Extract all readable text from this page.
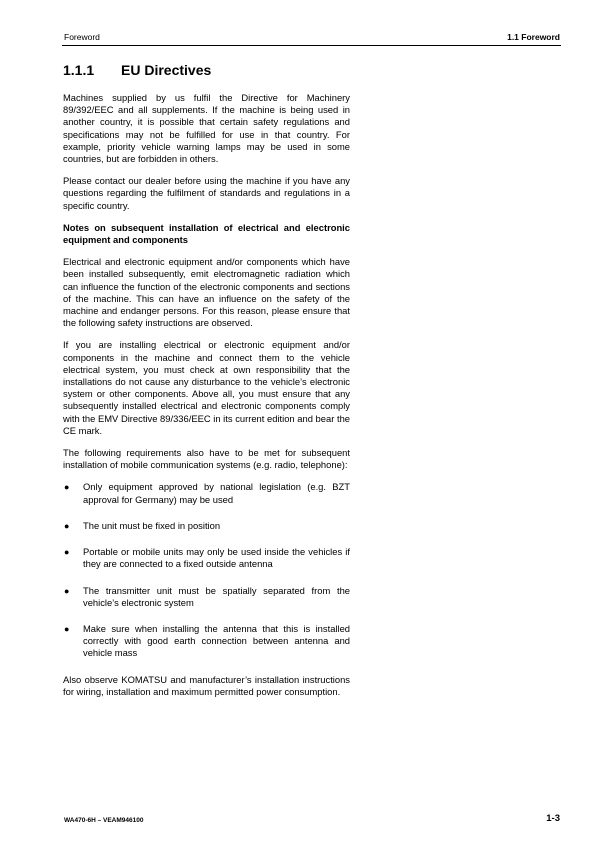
Foreword	1.1 Foreword
1.1.1	EU Directives

Machines supplied by us fulfil the Directive for Machinery 89/392/EEC and all supplements. If the machine is being used in another country, it is possible that certain safety regulations and specifications may not be fulfilled for use in that country. For example, priority vehicle warning lamps may be used in some countries, but are forbidden in others.

Please contact our dealer before using the machine if you have any questions regarding the fulfilment of standards and regulations in a specific country.

Notes on subsequent installation of electrical and electronic equipment and components

Electrical and electronic equipment and/or components which have been installed subsequently, emit electromagnetic radiation which can influence the function of the electronic components and sections of the machine. This can have an influence on the safety of the machine and endanger persons. For this reason, please ensure that the following safety instructions are observed.

If you are installing electrical or electronic equipment and/or components in the machine and connect them to the vehicle electrical system, you must check at own responsibility that the installations do not cause any disturbance to the vehicle’s electronic system or other components. Above all, you must ensure that any subsequently installed electrical and electronic components comply with the EMV Directive 89/336/EEC in its current edition and bear the CE mark.

The following requirements also have to be met for subsequent installation of mobile communication systems (e.g. radio, telephone):

● Only equipment approved by national legislation (e.g. BZT approval for Germany) may be used
● The unit must be fixed in position
● Portable or mobile units may only be used inside the vehicles if they are connected to a fixed outside antenna
● The transmitter unit must be spatially separated from the vehicle’s electronic system
● Make sure when installing the antenna that this is installed correctly with good earth connection between antenna and vehicle mass

Also observe KOMATSU and manufacturer’s installation instructions for wiring, installation and maximum permitted power consumption.

WA470-6H – VEAM946100	1-3
